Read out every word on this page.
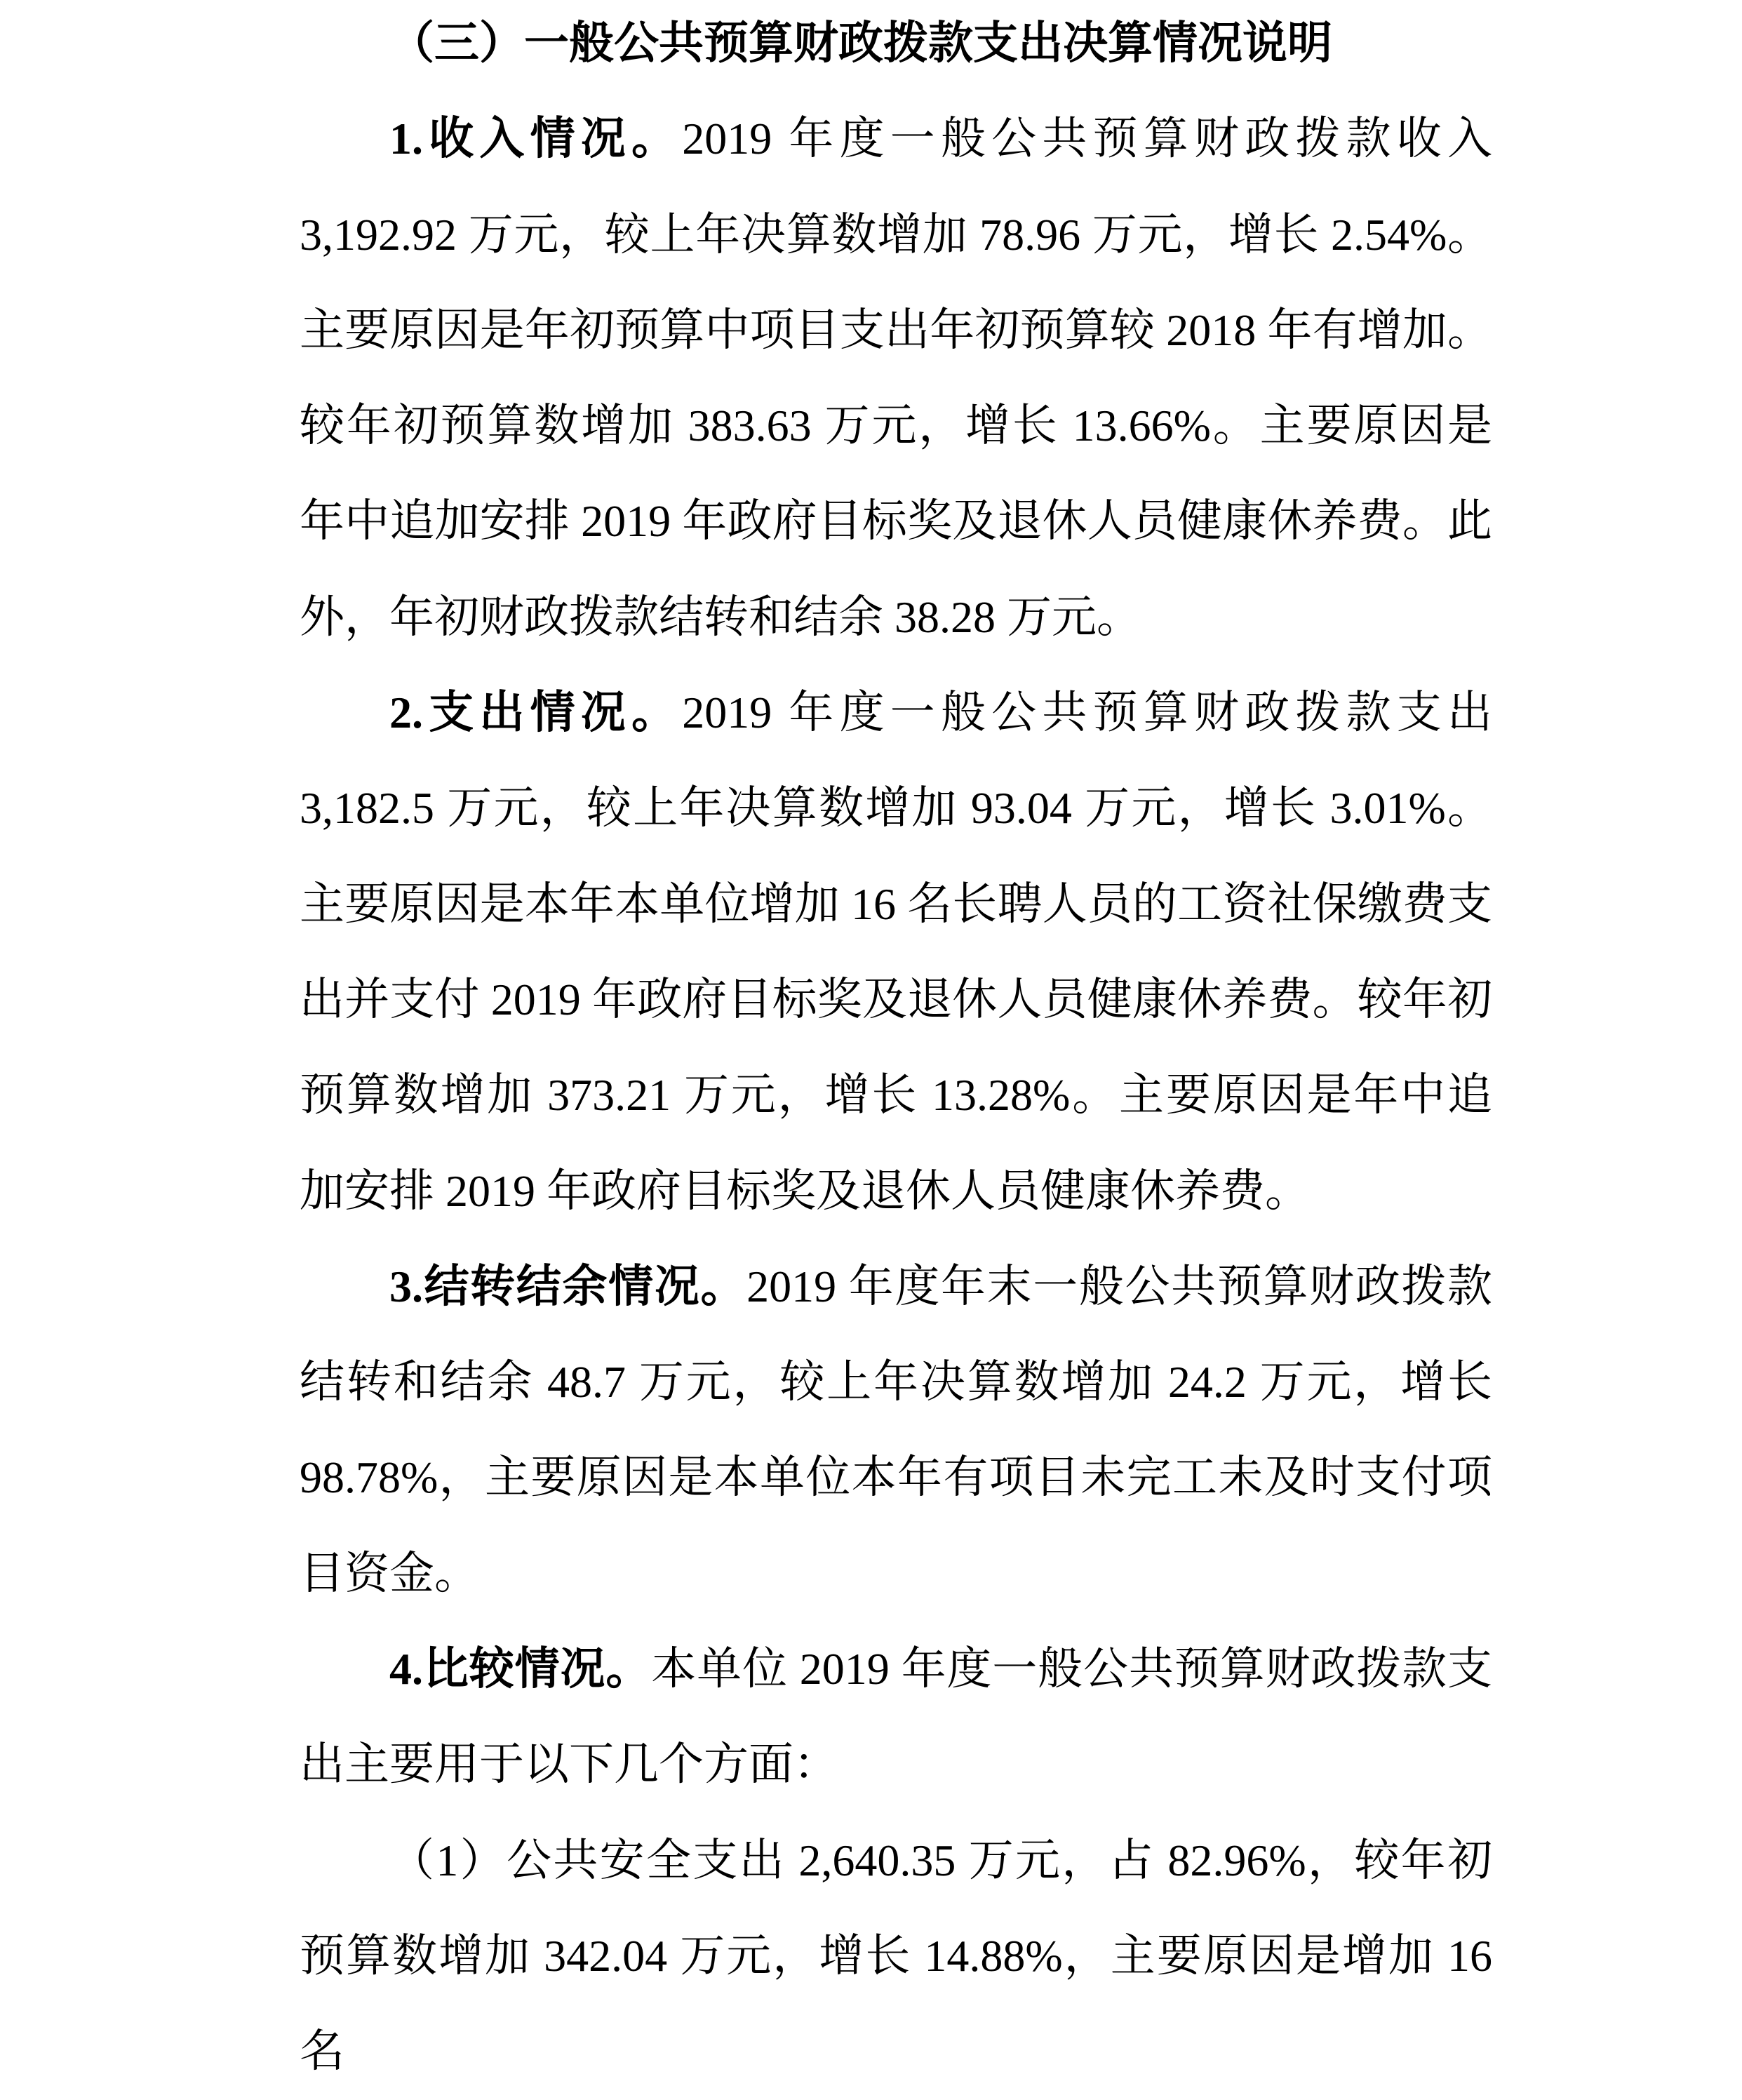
（三）一般公共预算财政拨款支出决算情况说明

1.收入情况。2019 年度一般公共预算财政拨款收入 3,192.92 万元，较上年决算数增加 78.96 万元，增长 2.54%。主要原因是年初预算中项目支出年初预算较 2018 年有增加。较年初预算数增加 383.63 万元，增长 13.66%。主要原因是年中追加安排 2019 年政府目标奖及退休人员健康休养费。此外，年初财政拨款结转和结余 38.28 万元。

2.支出情况。2019 年度一般公共预算财政拨款支出 3,182.5 万元，较上年决算数增加 93.04 万元，增长 3.01%。主要原因是本年本单位增加 16 名长聘人员的工资社保缴费支出并支付 2019 年政府目标奖及退休人员健康休养费。较年初预算数增加 373.21 万元，增长 13.28%。主要原因是年中追加安排 2019 年政府目标奖及退休人员健康休养费。

3.结转结余情况。2019 年度年末一般公共预算财政拨款结转和结余 48.7 万元，较上年决算数增加 24.2 万元，增长 98.78%，主要原因是本单位本年有项目未完工未及时支付项目资金。

4.比较情况。本单位 2019 年度一般公共预算财政拨款支出主要用于以下几个方面：

（1）公共安全支出 2,640.35 万元，占 82.96%，较年初预算数增加 342.04 万元，增长 14.88%，主要原因是增加 16 名
